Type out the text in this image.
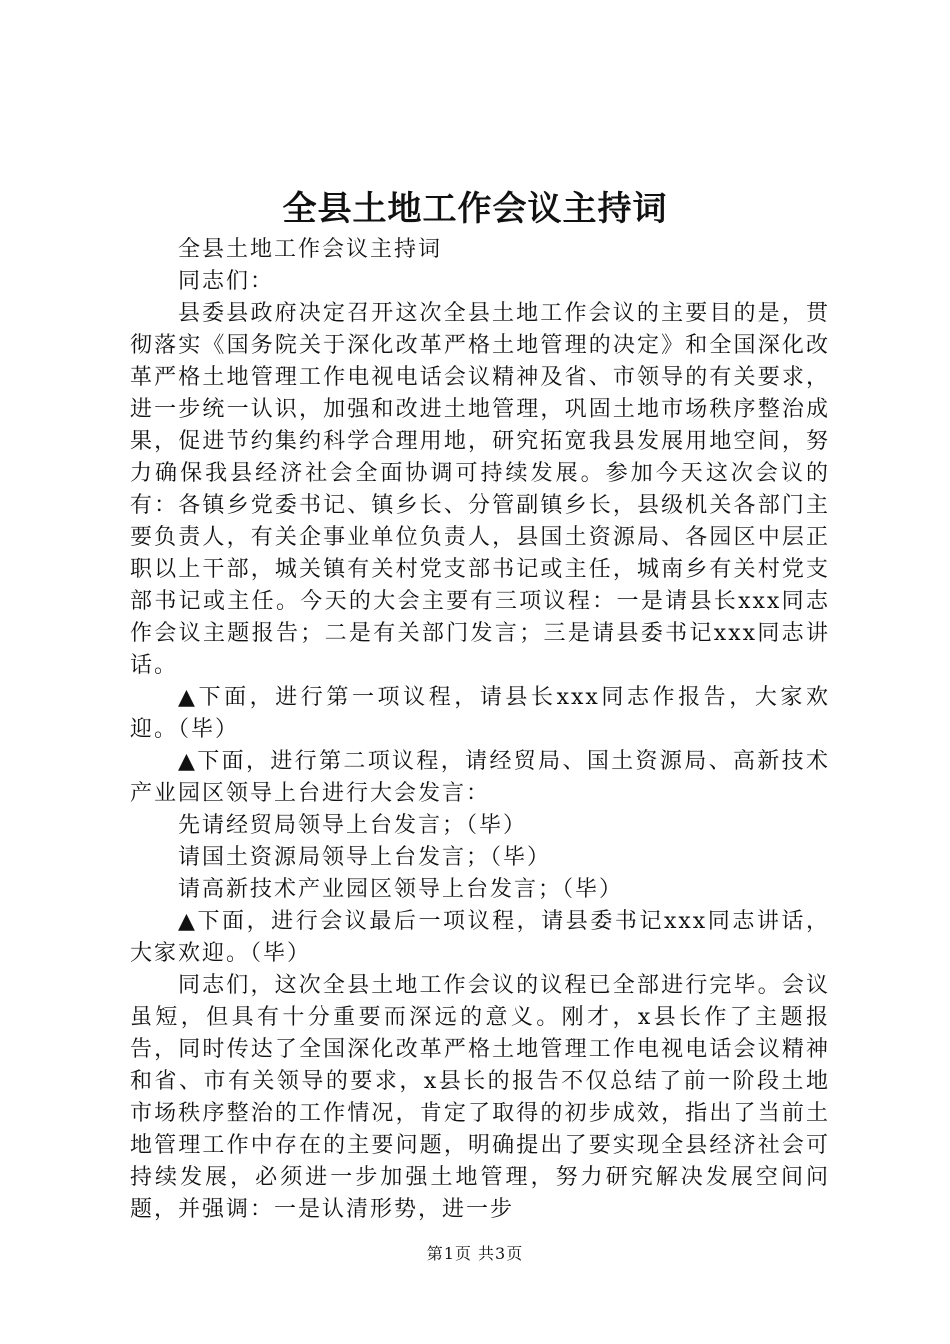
全县土地工作会议主持词

全县土地工作会议主持词

同志们：

县委县政府决定召开这次全县土地工作会议的主要目的是，贯彻落实《国务院关于深化改革严格土地管理的决定》和全国深化改革严格土地管理工作电视电话会议精神及省、市领导的有关要求，进一步统一认识，加强和改进土地管理，巩固土地市场秩序整治成果，促进节约集约科学合理用地，研究拓宽我县发展用地空间，努力确保我县经济社会全面协调可持续发展。参加今天这次会议的有：各镇乡党委书记、镇乡长、分管副镇乡长，县级机关各部门主要负责人，有关企事业单位负责人，县国土资源局、各园区中层正职以上干部，城关镇有关村党支部书记或主任，城南乡有关村党支部书记或主任。今天的大会主要有三项议程：一是请县长xxx同志作会议主题报告；二是有关部门发言；三是请县委书记xxx同志讲话。

▲下面，进行第一项议程，请县长xxx同志作报告，大家欢迎。（毕）

▲下面，进行第二项议程，请经贸局、国土资源局、高新技术产业园区领导上台进行大会发言：

先请经贸局领导上台发言；（毕）

请国土资源局领导上台发言；（毕）

请高新技术产业园区领导上台发言；（毕）

▲下面，进行会议最后一项议程，请县委书记xxx同志讲话，大家欢迎。（毕）

同志们，这次全县土地工作会议的议程已全部进行完毕。会议虽短，但具有十分重要而深远的意义。刚才，x县长作了主题报告，同时传达了全国深化改革严格土地管理工作电视电话会议精神和省、市有关领导的要求，x县长的报告不仅总结了前一阶段土地市场秩序整治的工作情况，肯定了取得的初步成效，指出了当前土地管理工作中存在的主要问题，明确提出了要实现全县经济社会可持续发展，必须进一步加强土地管理，努力研究解决发展空间问题，并强调：一是认清形势，进一步

第1页 共3页
